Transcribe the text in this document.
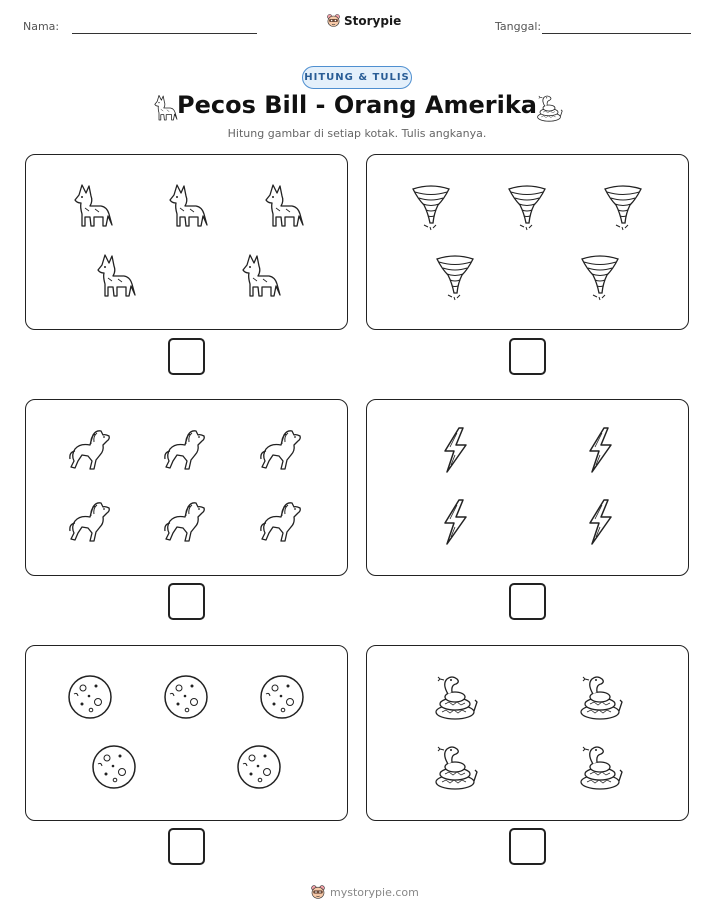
Nama:	Storypie	Tanggal:
HITUNG & TULIS
Pecos Bill - Orang Amerika
Hitung gambar di setiap kotak. Tulis angkanya.
mystorypie.com
